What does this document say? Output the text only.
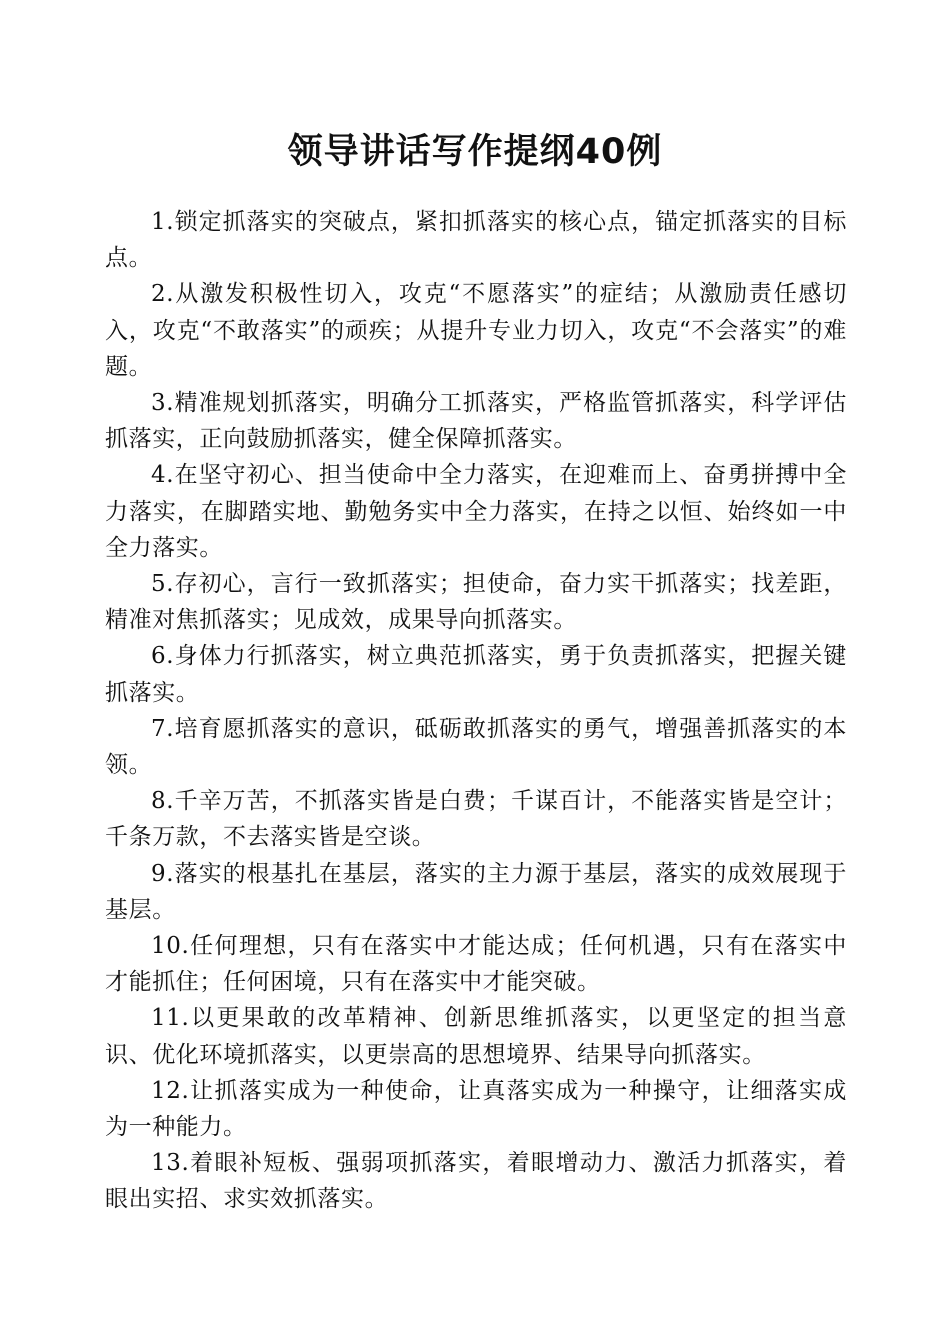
领导讲话写作提纲40例

1.锁定抓落实的突破点，紧扣抓落实的核心点，锚定抓落实的目标点。

2.从激发积极性切入，攻克“不愿落实”的症结；从激励责任感切入，攻克“不敢落实”的顽疾；从提升专业力切入，攻克“不会落实”的难题。

3.精准规划抓落实，明确分工抓落实，严格监管抓落实，科学评估抓落实，正向鼓励抓落实，健全保障抓落实。

4.在坚守初心、担当使命中全力落实，在迎难而上、奋勇拼搏中全力落实，在脚踏实地、勤勉务实中全力落实，在持之以恒、始终如一中全力落实。

5.存初心，言行一致抓落实；担使命，奋力实干抓落实；找差距，精准对焦抓落实；见成效，成果导向抓落实。

6.身体力行抓落实，树立典范抓落实，勇于负责抓落实，把握关键抓落实。

7.培育愿抓落实的意识，砥砺敢抓落实的勇气，增强善抓落实的本领。

8.千辛万苦，不抓落实皆是白费；千谋百计，不能落实皆是空计；千条万款，不去落实皆是空谈。

9.落实的根基扎在基层，落实的主力源于基层，落实的成效展现于基层。

10.任何理想，只有在落实中才能达成；任何机遇，只有在落实中才能抓住；任何困境，只有在落实中才能突破。

11.以更果敢的改革精神、创新思维抓落实，以更坚定的担当意识、优化环境抓落实，以更崇高的思想境界、结果导向抓落实。

12.让抓落实成为一种使命，让真落实成为一种操守，让细落实成为一种能力。

13.着眼补短板、强弱项抓落实，着眼增动力、激活力抓落实，着眼出实招、求实效抓落实。
